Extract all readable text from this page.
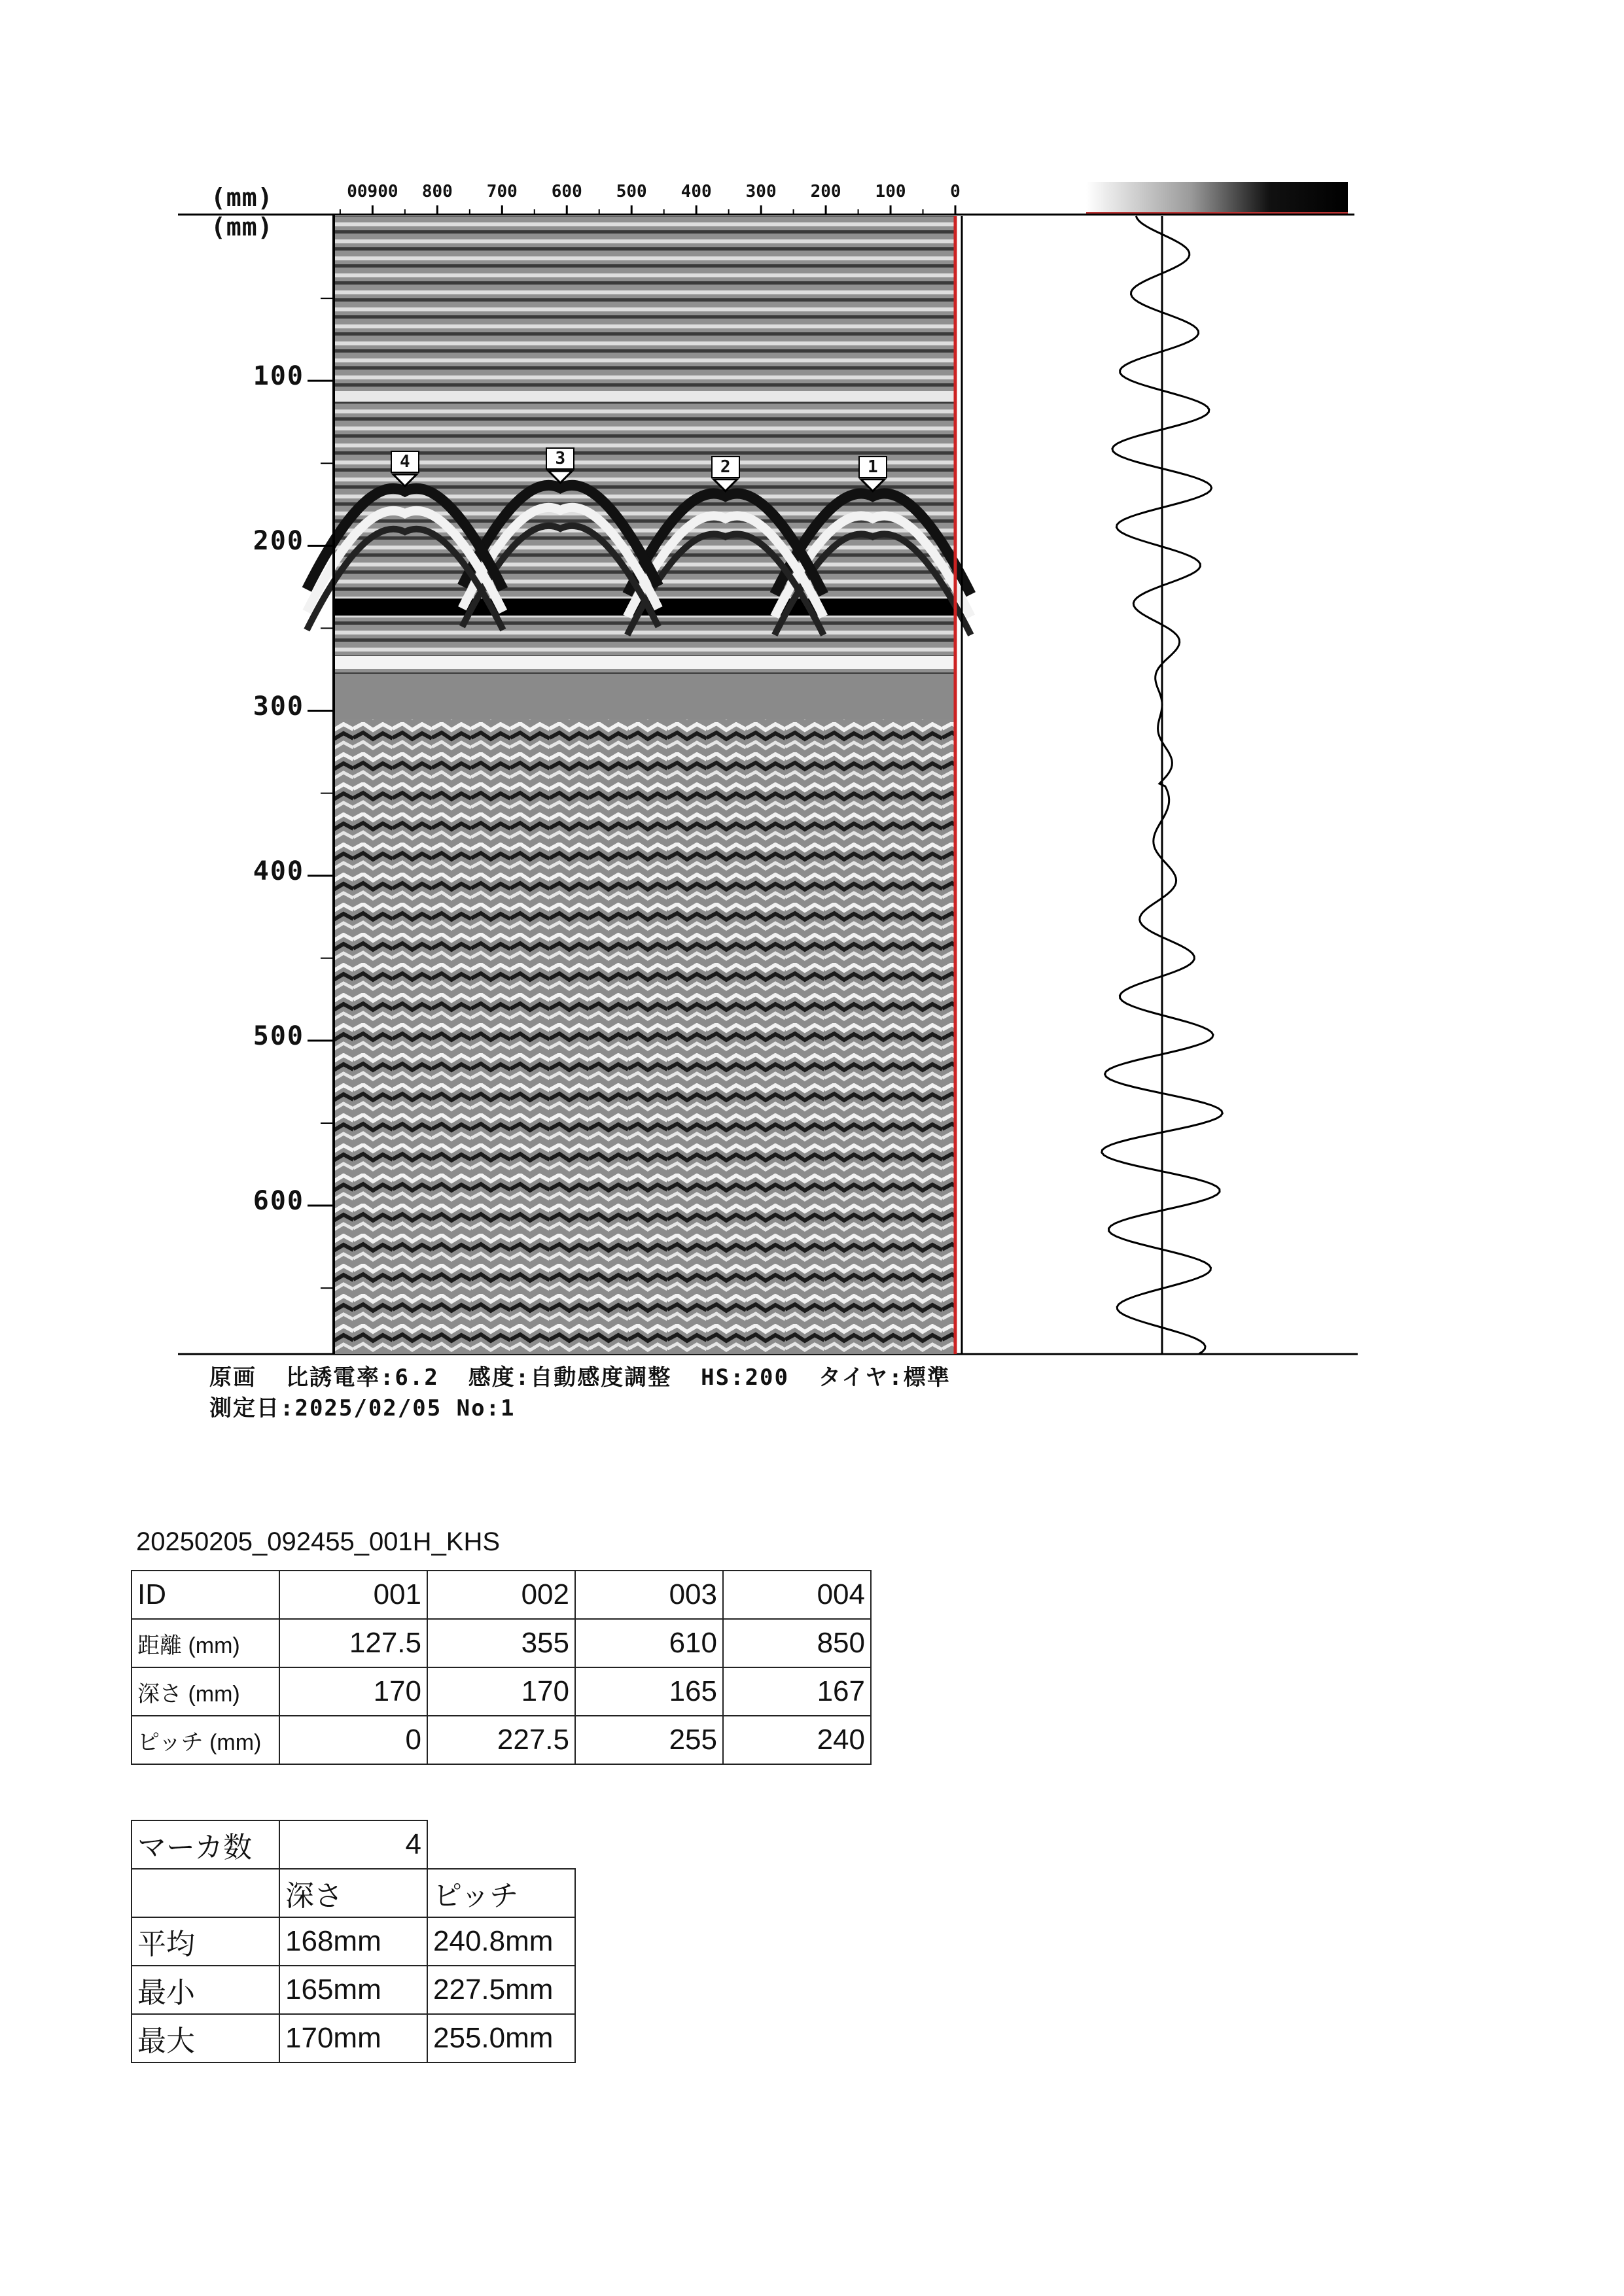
(mm)
(mm)
00900 800 700 600 500 400 300 200 100	0
100
200
300
400
500
600
1
2
3
4
原画  比誘電率:6.2  感度:自動感度調整  HS:200  タイヤ:標準
測定日:2025/02/05 No:1
20250205_092455_001H_KHS
ID	001	002	003	004
距離 (mm)	127.5	355	610	850
深さ (mm)	170	170	165	167
ピッチ (mm)	0	227.5	255	240
マーカ数	4	
	深さ	ピッチ
平均	168mm	240.8mm
最小	165mm	227.5mm
最大	170mm	255.0mm
